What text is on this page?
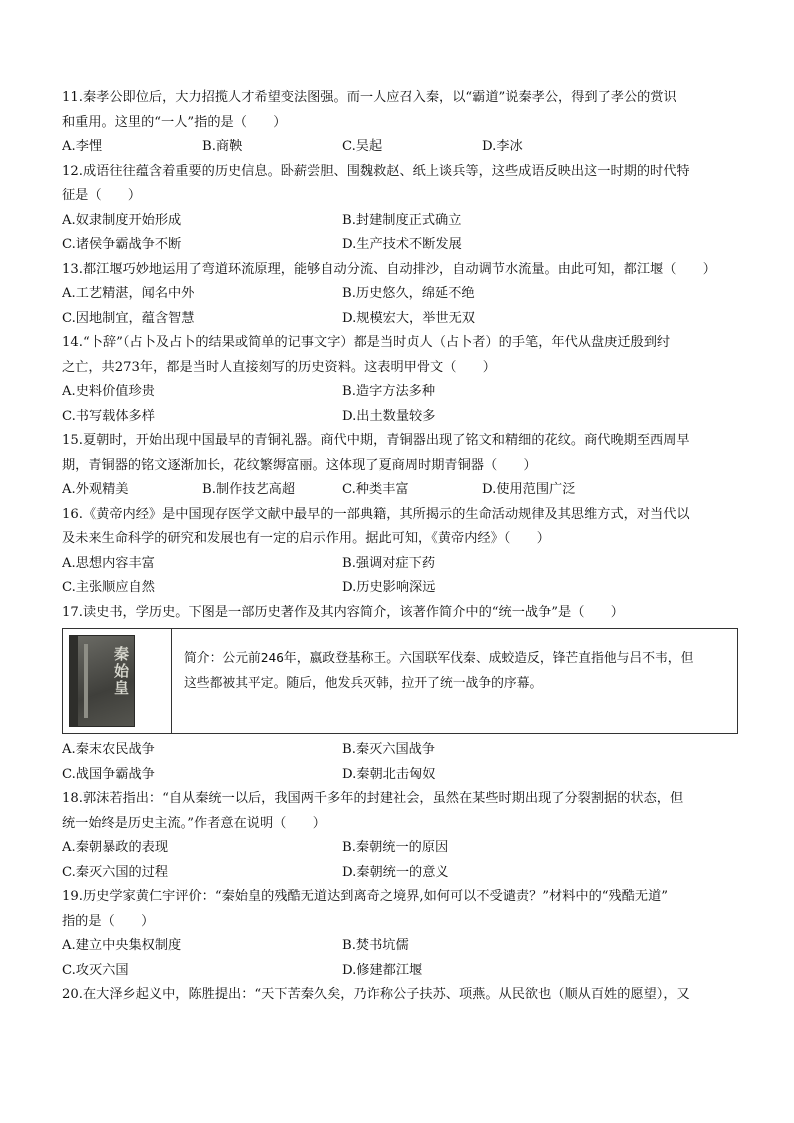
11.秦孝公即位后，大力招揽人才希望变法图强。而一人应召入秦，以“霸道”说秦孝公，得到了孝公的赏识
和重用。这里的“一人”指的是（　　）
A.李悝	B.商鞅	C.吴起	D.李冰
12.成语往往蕴含着重要的历史信息。卧薪尝胆、围魏救赵、纸上谈兵等，这些成语反映出这一时期的时代特
征是（　　）
A.奴隶制度开始形成	B.封建制度正式确立
C.诸侯争霸战争不断	D.生产技术不断发展
13.都江堰巧妙地运用了弯道环流原理，能够自动分流、自动排沙，自动调节水流量。由此可知，都江堰（　　）
A.工艺精湛，闻名中外	B.历史悠久，绵延不绝
C.因地制宜，蕴含智慧	D.规模宏大，举世无双
14.“卜辞”（占卜及占卜的结果或简单的记事文字）都是当时贞人（占卜者）的手笔，年代从盘庚迁殷到纣
之亡，共273年，都是当时人直接刻写的历史资料。这表明甲骨文（　　）
A.史料价值珍贵	B.造字方法多种
C.书写载体多样	D.出土数量较多
15.夏朝时，开始出现中国最早的青铜礼器。商代中期，青铜器出现了铭文和精细的花纹。商代晚期至西周早
期，青铜器的铭文逐渐加长，花纹繁缛富丽。这体现了夏商周时期青铜器（　　）
A.外观精美	B.制作技艺高超	C.种类丰富	D.使用范围广泛
16.《黄帝内经》是中国现存医学文献中最早的一部典籍，其所揭示的生命活动规律及其思维方式，对当代以
及未来生命科学的研究和发展也有一定的启示作用。据此可知，《黄帝内经》（　　）
A.思想内容丰富	B.强调对症下药
C.主张顺应自然	D.历史影响深远
17.读史书，学历史。下图是一部历史著作及其内容简介，该著作简介中的“统一战争”是（　　）
秦始皇	简介：公元前246年，嬴政登基称王。六国联军伐秦、成蛟造反，锋芒直指他与吕不韦，但
这些都被其平定。随后，他发兵灭韩，拉开了统一战争的序幕。
A.秦末农民战争	B.秦灭六国战争
C.战国争霸战争	D.秦朝北击匈奴
18.郭沫若指出：“自从秦统一以后，我国两千多年的封建社会，虽然在某些时期出现了分裂割据的状态，但
统一始终是历史主流。”作者意在说明（　　）
A.秦朝暴政的表现	B.秦朝统一的原因
C.秦灭六国的过程	D.秦朝统一的意义
19.历史学家黄仁宇评价：“秦始皇的残酷无道达到离奇之境界,如何可以不受谴责？”材料中的“残酷无道”
指的是（　　）
A.建立中央集权制度	B.焚书坑儒
C.攻灭六国	D.修建都江堰
20.在大泽乡起义中，陈胜提出：“天下苦秦久矣，乃诈称公子扶苏、项燕。从民欲也（顺从百姓的愿望），又
